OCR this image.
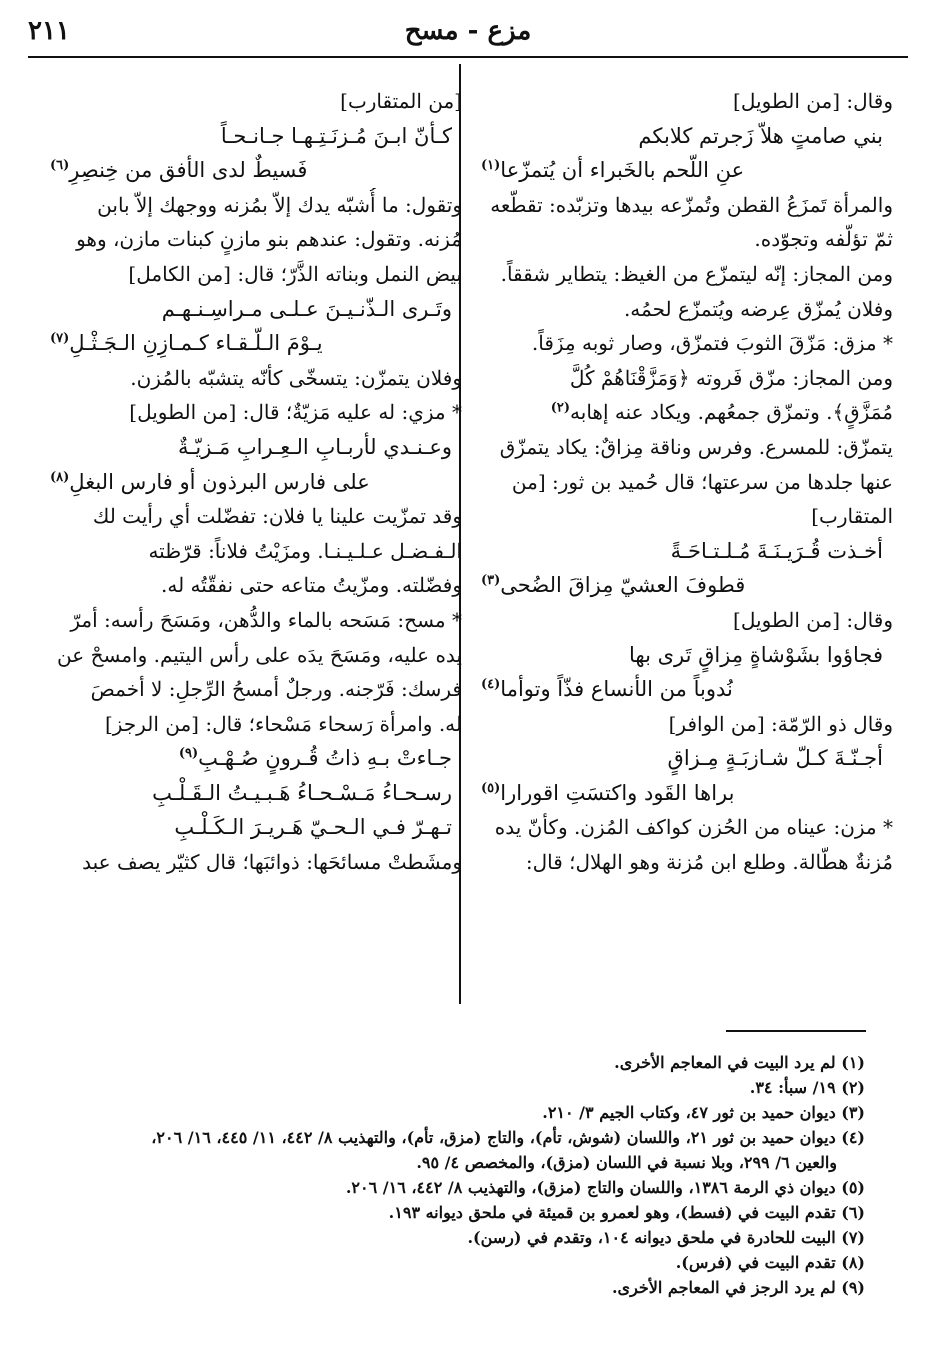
مزع - مسح
٢١١
وقال: [من الطويل]
بني صامتٍ هلاّ زَجرتم كلابكم
عنِ اللّحم بالخَبراء أن يُتمزّعا$^{(١)}$
والمرأة تَمزَعُ القطن وتُمزّعه بيدها وتزبّده: تقطّعه
ثمّ تؤلّفه وتجوّده.
ومن المجاز: إنّه ليتمزّع من الغيظ: يتطاير شققاً.
وفلان يُمزّق عِرضه ويُتمزّع لحمُه.
* مزق: مَزّقَ الثوبَ فتمزّق، وصار ثوبه مِزَقاً.
ومن المجاز: مزّق فَروته ﴿وَمَزَّقْنَاهُمْ كُلَّ
مُمَزَّقٍ﴾. وتمزّق جمعُهم. ويكاد عنه إهابه$^{(٢)}$
يتمزّق: للمسرع. وفرس وناقة مِزاقٌ: يكاد يتمزّق
عنها جلدها من سرعتها؛ قال حُميد بن ثور: [من
المتقارب]
أخـذت قُـرَيـنَـةَ مُـلـتـاحَـةً
قطوفَ العشيّ مِزاقَ الضُحى$^{(٣)}$
وقال: [من الطويل]
فجاؤوا بشَوْشاةٍ مِزاقٍ تَرى بها
نُدوباً من الأنساع فذّاً وتوأما$^{(٤)}$
وقال ذو الرّمّة: [من الوافر]
أجـنّـةَ كـلّ شـازبَـةٍ مِـزاقٍ
براها القَود واكتسَتِ اقورارا$^{(٥)}$
* مزن: عيناه من الحُزن كواكف المُزن. وكأنّ يده
مُزنةٌ هطّالة. وطلع ابن مُزنة وهو الهلال؛ قال:
[من المتقارب]
كـأنّ ابـنَ مُـزنَـتِـهـا جـانـحـاً
فَسيطٌ لدى الأفق من خِنصِرِ$^{(٦)}$
وتقول: ما أُشبّه يدك إلاّ بمُزنه ووجهك إلاّ بابن
مُزنه. وتقول: عندهم بنو مازنٍ كبنات مازن، وهو
بيض النمل وبناته الذَّرّ؛ قال: [من الكامل]
وتَـرى الـذّنـيـنَ عـلـى مـراسِـنـهـم
يـوْمَ الـلّـقـاء كـمـازِنِ الـجَـثْـلِ$^{(٧)}$
وفلان يتمزّن: يتسخّى كأنّه يتشبّه بالمُزن.
* مزي: له عليه مَزيّةٌ؛ قال: [من الطويل]
وعـنـدي لأربـابِ الـعِـرابِ مَـزيّـةٌ
على فارس البرذون أو فارس البغلِ$^{(٨)}$
وقد تمزّيت علينا يا فلان: تفضّلت أي رأيت لك
الـفـضـل عـلـيـنـا. ومزَيْتُ فلاناً: قرّظته
وفضّلته. ومزّيتُ متاعه حتى نفقّتُه له.
* مسح: مَسَحه بالماء والدُّهن، ومَسَحَ رأسه: أمرّ
يده عليه، ومَسَحَ يدَه على رأس اليتيم. وامسحْ عن
فرسك: فَرّجنه. ورجلٌ أمسحُ الرِّجلِ: لا أخمصَ
له. وامرأة رَسحاء مَسْحاء؛ قال: [من الرجز]
جـاءتْ بـهِ ذاتُ قُـرونٍ صُـهْـبِ$^{(٩)}$
رسـحـاءُ مَـسْـحـاءُ هَـبـيـتُ الـقَـلْـبِ
تـهـرّ فـي الـحـيّ هَـريـرَ الـكَـلْـبِ
ومشَطتْ مسائحَها: ذوائبَها؛ قال كثيّر يصف عبد
(١) لم يرد البيت في المعاجم الأخرى.
(٢) ١٩/ سبأ: ٣٤.
(٣) ديوان حميد بن ثور ٤٧، وكتاب الجيم ٣/ ٢١٠.
(٤) ديوان حميد بن ثور ٢١، واللسان (شوش، تأم)، والتاج (مزق، تأم)، والتهذيب ٨/ ٤٤٢، ١١/ ٤٤٥، ١٦/ ٢٠٦،
والعين ٦/ ٢٩٩، وبلا نسبة في اللسان (مزق)، والمخصص ٤/ ٩٥.
(٥) ديوان ذي الرمة ١٣٨٦، واللسان والتاج (مزق)، والتهذيب ٨/ ٤٤٢، ١٦/ ٢٠٦.
(٦) تقدم البيت في (فسط)، وهو لعمرو بن قميئة في ملحق ديوانه ١٩٣.
(٧) البيت للحادرة في ملحق ديوانه ١٠٤، وتقدم في (رسن).
(٨) تقدم البيت في (فرس).
(٩) لم يرد الرجز في المعاجم الأخرى.
